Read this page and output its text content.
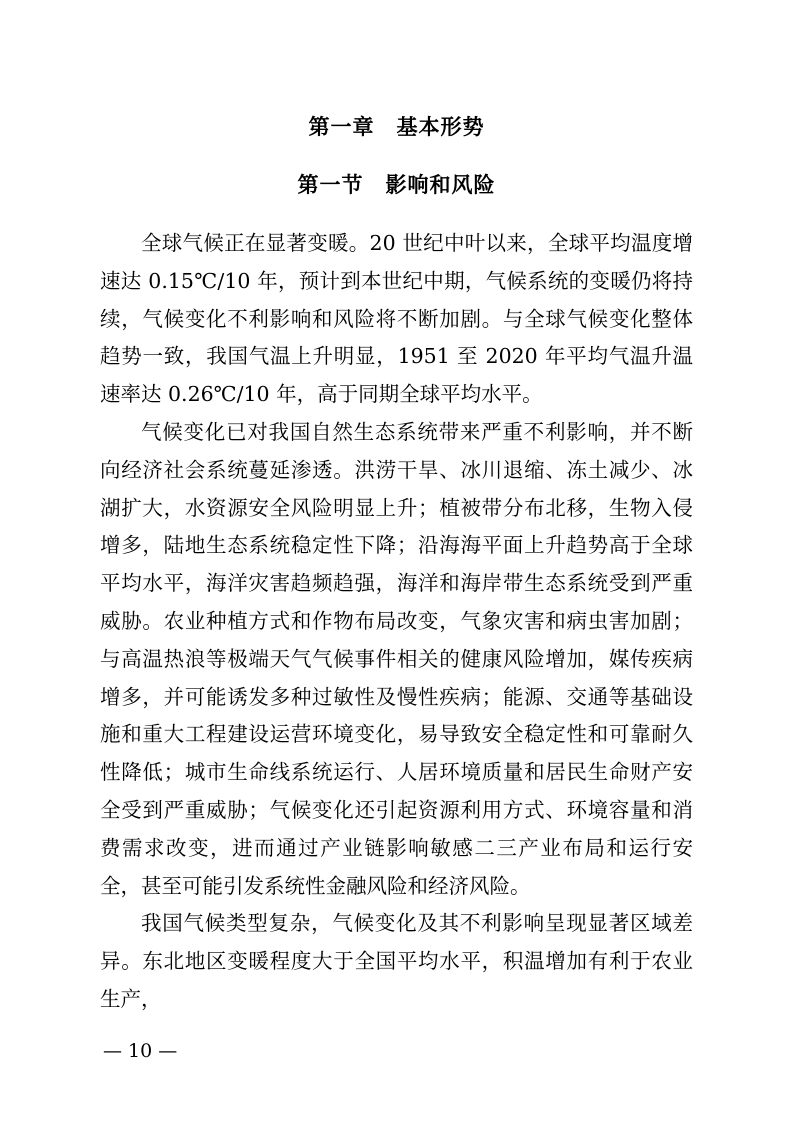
第一章　基本形势
第一节　影响和风险

全球气候正在显著变暖。20 世纪中叶以来，全球平均温度增速达 0.15℃/10 年，预计到本世纪中期，气候系统的变暖仍将持续，气候变化不利影响和风险将不断加剧。与全球气候变化整体趋势一致，我国气温上升明显，1951 至 2020 年平均气温升温速率达 0.26℃/10 年，高于同期全球平均水平。

气候变化已对我国自然生态系统带来严重不利影响，并不断向经济社会系统蔓延渗透。洪涝干旱、冰川退缩、冻土减少、冰湖扩大，水资源安全风险明显上升；植被带分布北移，生物入侵增多，陆地生态系统稳定性下降；沿海海平面上升趋势高于全球平均水平，海洋灾害趋频趋强，海洋和海岸带生态系统受到严重威胁。农业种植方式和作物布局改变，气象灾害和病虫害加剧；与高温热浪等极端天气气候事件相关的健康风险增加，媒传疾病增多，并可能诱发多种过敏性及慢性疾病；能源、交通等基础设施和重大工程建设运营环境变化，易导致安全稳定性和可靠耐久性降低；城市生命线系统运行、人居环境质量和居民生命财产安全受到严重威胁；气候变化还引起资源利用方式、环境容量和消费需求改变，进而通过产业链影响敏感二三产业布局和运行安全，甚至可能引发系统性金融风险和经济风险。

我国气候类型复杂，气候变化及其不利影响呈现显著区域差异。东北地区变暖程度大于全国平均水平，积温增加有利于农业生产，

— 10 —
